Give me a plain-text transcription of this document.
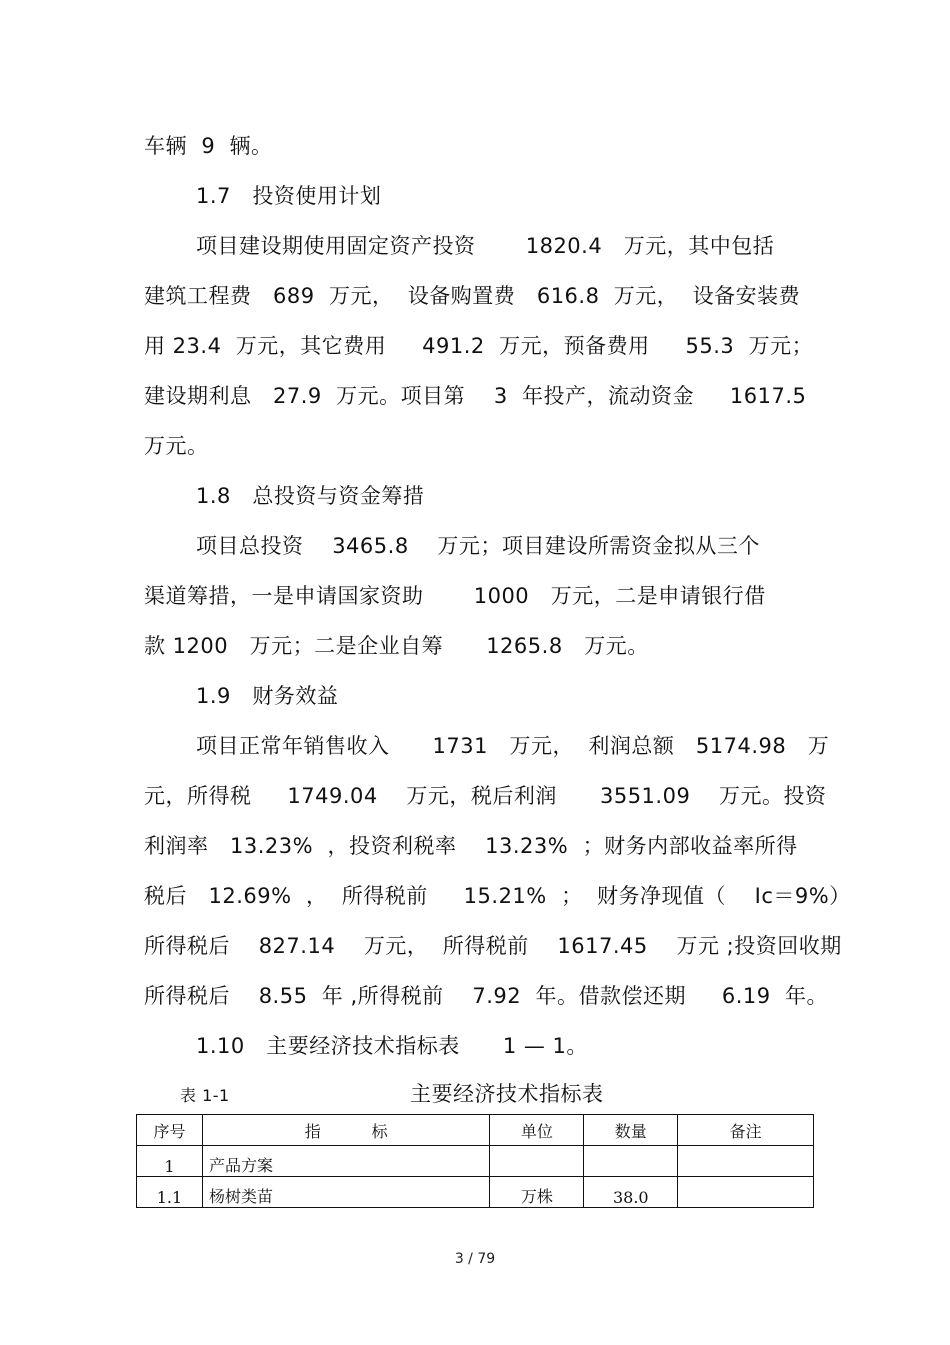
车辆  9  辆。
1.7   投资使用计划
项目建设期使用固定资产投资       1820.4   万元，其中包括
建筑工程费   689  万元，  设备购置费   616.8  万元，  设备安装费
用 23.4  万元，其它费用     491.2  万元，预备费用     55.3  万元；
建设期利息   27.9  万元。项目第    3  年投产，流动资金     1617.5
万元。
1.8   总投资与资金筹措
项目总投资    3465.8    万元；项目建设所需资金拟从三个
渠道筹措，一是申请国家资助       1000   万元，二是申请银行借
款 1200   万元；二是企业自筹      1265.8   万元。
1.9   财务效益
项目正常年销售收入      1731   万元，  利润总额   5174.98   万
元，所得税     1749.04    万元，税后利润      3551.09    万元。投资
利润率   13.23%  ，投资利税率    13.23%  ；财务内部收益率所得
税后   12.69%  ，  所得税前     15.21%  ；  财务净现值（    Ic＝9%）
所得税后    827.14    万元，  所得税前    1617.45    万元 ;投资回收期
所得税后    8.55  年 ,所得税前    7.92  年。借款偿还期     6.19  年。
1.10   主要经济技术指标表      1 — 1。
表 1-1	主要经济技术指标表
序号	指          标	单位	数量	备注
1	产品方案			
1.1	杨树类苗	万株	38.0	
3 / 79
